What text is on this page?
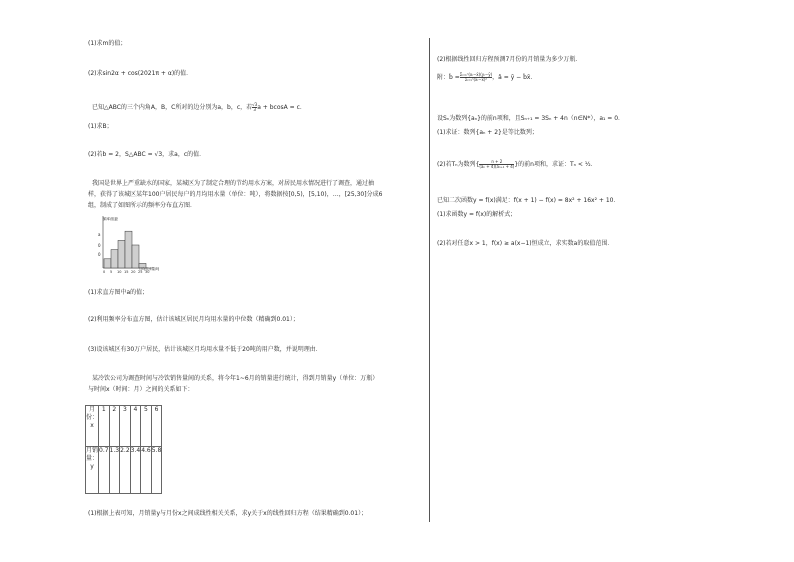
(1)求m的值；
(2)求sin2α + cos(2021π + α)的值．
已知△ABC的三个内角A，B，C所对的边分别为a，b，c，若 $\frac{√3}{3}$ a + bcosA = c．
(1)求B；
(2)若b = 2，S△ABC = √3，求a，c的值．
我国是世界上严重缺水的国家，某城区为了制定合理的节约用水方案，对居民用水情况进行了调查，通过抽
样，获得了该城区某年100户居民每户的月均用水量（单位：吨），将数据按[0,5)，[5,10)，…，[25,30]分成6
组，制成了如图所示的频率分布直方图．
频率/组距
a
0
0
0 5 10 15 20 25 30
月均用水量/吨
(1)求直方图中a的值；
(2)利用频率分布直方图，估计该城区居民月均用水量的中位数（精确到0.01）；
(3)设该城区有30万户居民，估计该城区月均用水量不低于20吨的用户数，并说明理由．
某冷饮公司为调查时间与冷饮销售量间的关系，将今年1~6月的销量进行统计，得到月销量y（单位：万瓶）
与时间x（时间：月）之间的关系如下：
月份：x	1	2	3	4	5	6
月销量：y	0.7	1.3	2.2	3.4	4.6	5.8
(1)根据上表可知，月销量y与月份x之间成线性相关关系，求y关于x的线性回归方程（结果精确到0.01）；
(2)根据线性回归方程预测7月份的月销量为多少万瓶．
附：b̂ = $\frac{\text{Σᵢ₌₁ⁿ(xᵢ−x̄)(yᵢ−ȳ)}}{\text{Σᵢ₌₁ⁿ(xᵢ−x̄)²}}$ ，â = ȳ − b̂x̄．
设Sₙ为数列{aₙ}的前n项和，且Sₙ₊₁ = 3Sₙ + 4n（n∈N*），a₁ = 0．
(1)求证：数列{aₙ + 2}是等比数列；
(2)若Tₙ为数列{ $\frac{n + 2}{\text{(aₙ + 4)(aₙ₊₁ + 4)}}$ }的前n项和，求证：Tₙ < ¹⁄₂．
已知二次函数y = f(x)满足：f(x + 1) − f(x) = 8x² + 16x² + 10．
(1)求函数y = f(x)的解析式；
(2)若对任意x > 1，f(x) ≥ a(x−1)恒成立，求实数a的取值范围．
